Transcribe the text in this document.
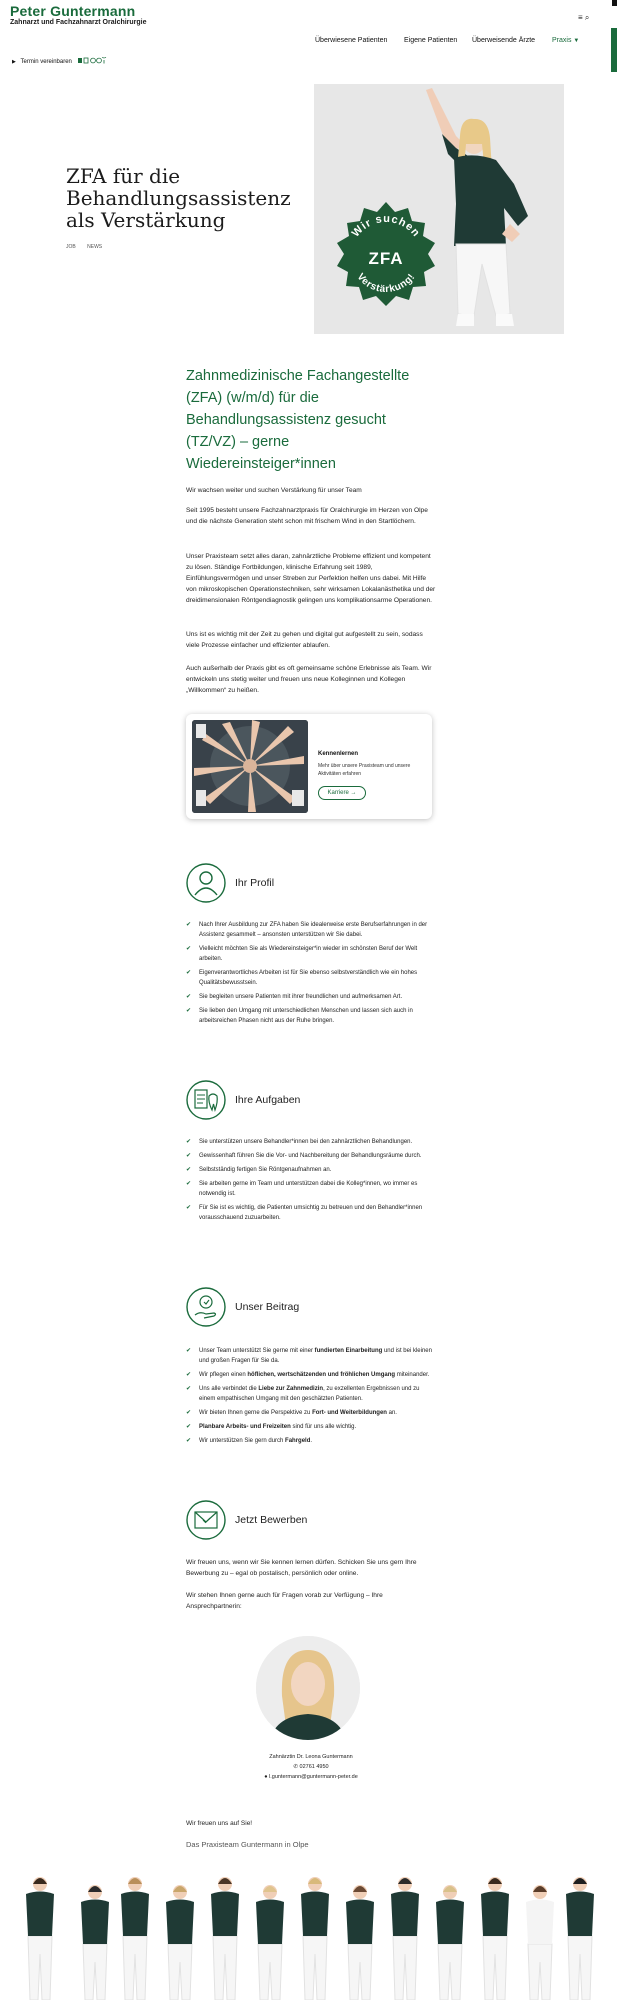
Peter Guntermann
Zahnarzt und Fachzahnarzt Oralchirurgie
≡ ⌕
Überwiesene Patienten Eigene Patienten Überweisende Ärzte Praxis ▼
▶ Termin vereinbaren
ZFA für die Behandlungsassistenz als Verstärkung
JOB NEWS
Wir suchen
ZFA
Verstärkung!
Zahnmedizinische Fachangestellte (ZFA) (w/m/d) für die Behandlungsassistenz gesucht (TZ/VZ) – gerne
Wiedereinsteiger*innen
Wir wachsen weiter und suchen Verstärkung für unser Team
Seit 1995 besteht unsere Fachzahnarztpraxis für Oralchirurgie im Herzen von Olpe und die nächste Generation steht schon mit frischem Wind in den Startlöchern.
Unser Praxisteam setzt alles daran, zahnärztliche Probleme effizient und kompetent zu lösen. Ständige Fortbildungen, klinische Erfahrung seit 1989, Einfühlungsvermögen und unser Streben zur Perfektion helfen uns dabei. Mit Hilfe von mikroskopischen Operationstechniken, sehr wirksamen Lokalanästhetika und der dreidimensionalen Röntgendiagnostik gelingen uns komplikationsarme Operationen.
Uns ist es wichtig mit der Zeit zu gehen und digital gut aufgestellt zu sein, sodass viele Prozesse einfacher und effizienter ablaufen.
Auch außerhalb der Praxis gibt es oft gemeinsame schöne Erlebnisse als Team. Wir entwickeln uns stetig weiter und freuen uns neue Kolleginnen und Kollegen „Willkommen“ zu heißen.
Kennenlernen
Mehr über unsere Praxisteam und unsere Aktivitäten erfahren
Karriere →
Ihr Profil
✔ Nach Ihrer Ausbildung zur ZFA haben Sie idealerweise erste Berufserfahrungen in der Assistenz gesammelt – ansonsten unterstützen wir Sie dabei.
✔ Vielleicht möchten Sie als Wiedereinsteiger*in wieder im schönsten Beruf der Welt arbeiten.
✔ Eigenverantwortliches Arbeiten ist für Sie ebenso selbstverständlich wie ein hohes Qualitätsbewusstsein.
✔ Sie begleiten unsere Patienten mit ihrer freundlichen und aufmerksamen Art.
✔ Sie lieben den Umgang mit unterschiedlichen Menschen und lassen sich auch in arbeitsreichen Phasen nicht aus der Ruhe bringen.
Ihre Aufgaben
✔ Sie unterstützen unsere Behandler*innen bei den zahnärztlichen Behandlungen.
✔ Gewissenhaft führen Sie die Vor- und Nachbereitung der Behandlungsräume durch.
✔ Selbstständig fertigen Sie Röntgenaufnahmen an.
✔ Sie arbeiten gerne im Team und unterstützen dabei die Kolleg*innen, wo immer es notwendig ist.
✔ Für Sie ist es wichtig, die Patienten umsichtig zu betreuen und den Behandler*innen vorausschauend zuzuarbeiten.
Unser Beitrag
✔ Unser Team unterstützt Sie gerne mit einer fundierten Einarbeitung und ist bei kleinen und großen Fragen für Sie da.
✔ Wir pflegen einen höflichen, wertschätzenden und fröhlichen Umgang miteinander.
✔ Uns alle verbindet die Liebe zur Zahnmedizin, zu exzellenten Ergebnissen und zu einem empathischen Umgang mit den geschätzten Patienten.
✔ Wir bieten Ihnen gerne die Perspektive zu Fort- und Weiterbildungen an.
✔ Planbare Arbeits- und Freizeiten sind für uns alle wichtig.
✔ Wir unterstützen Sie gern durch Fahrgeld.
Jetzt Bewerben
Wir freuen uns, wenn wir Sie kennen lernen dürfen. Schicken Sie uns gern Ihre Bewerbung zu – egal ob postalisch, persönlich oder online.
Wir stehen Ihnen gerne auch für Fragen vorab zur Verfügung – Ihre Ansprechpartnerin:
Zahnärztin Dr. Leona Guntermann
✆ 02761 4950
● l.guntermann@guntermann-peter.de
Wir freuen uns auf Sie!
Das Praxisteam Guntermann in Olpe
